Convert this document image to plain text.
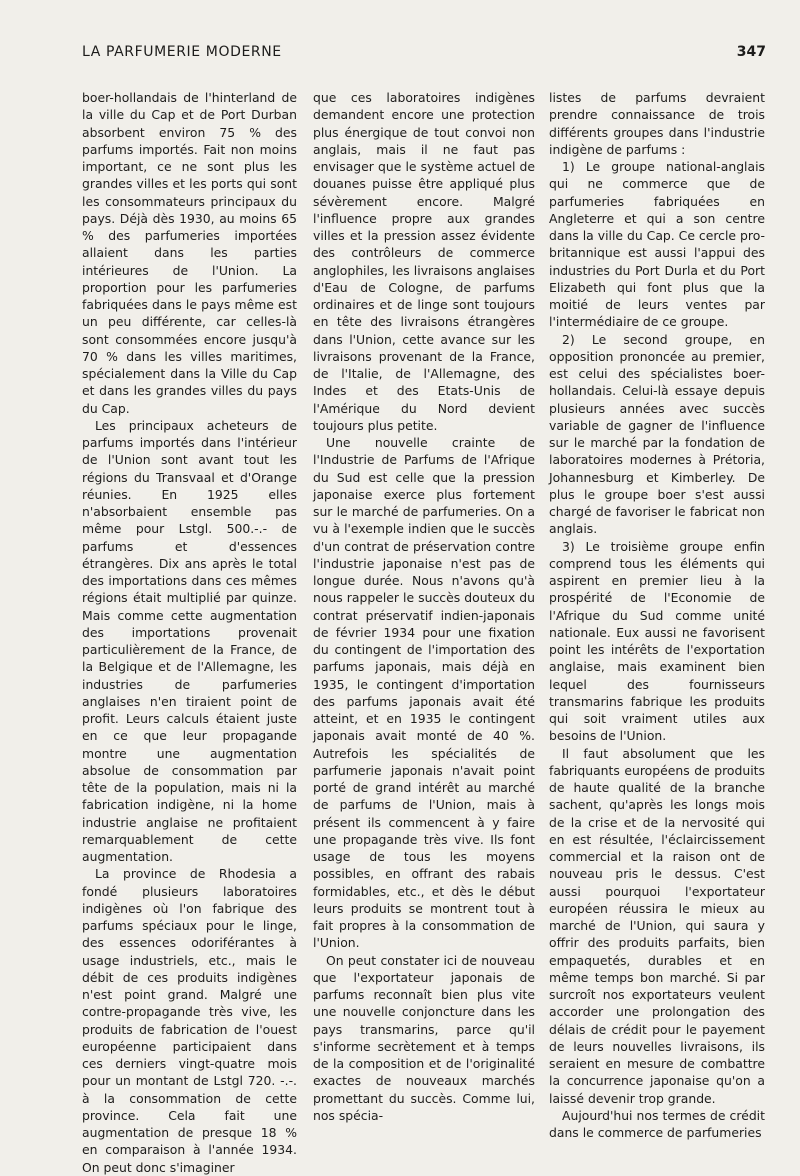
LA PARFUMERIE MODERNE	347

boer-hollandais de l'hinterland de la ville du Cap et de Port Durban absorbent environ 75 % des parfums importés. Fait non moins important, ce ne sont plus les grandes villes et les ports qui sont les consommateurs principaux du pays. Déjà dès 1930, au moins 65 % des parfumeries importées allaient dans les parties intérieures de l'Union. La proportion pour les parfumeries fabriquées dans le pays même est un peu différente, car celles-là sont consommées encore jusqu'à 70 % dans les villes maritimes, spécialement dans la Ville du Cap et dans les grandes villes du pays du Cap.

Les principaux acheteurs de parfums importés dans l'intérieur de l'Union sont avant tout les régions du Transvaal et d'Orange réunies. En 1925 elles n'absorbaient ensemble pas même pour Lstgl. 500.-.- de parfums et d'essences étrangères. Dix ans après le total des importations dans ces mêmes régions était multiplié par quinze. Mais comme cette augmentation des importations provenait particulièrement de la France, de la Belgique et de l'Allemagne, les industries de parfumeries anglaises n'en tiraient point de profit. Leurs calculs étaient juste en ce que leur propagande montre une augmentation absolue de consommation par tête de la population, mais ni la fabrication indigène, ni la home industrie anglaise ne profitaient remarquablement de cette augmentation.

La province de Rhodesia a fondé plusieurs laboratoires indigènes où l'on fabrique des parfums spéciaux pour le linge, des essences odoriférantes à usage industriels, etc., mais le débit de ces produits indigènes n'est point grand. Malgré une contre-propagande très vive, les produits de fabrication de l'ouest européenne participaient dans ces derniers vingt-quatre mois pour un montant de Lstgl 720. -.-. à la consommation de cette province. Cela fait une augmentation de presque 18 % en comparaison à l'année 1934. On peut donc s'imaginer

que ces laboratoires indigènes demandent encore une protection plus énergique de tout convoi non anglais, mais il ne faut pas envisager que le système actuel de douanes puisse être appliqué plus sévèrement encore. Malgré l'influence propre aux grandes villes et la pression assez évidente des contrôleurs de commerce anglophiles, les livraisons anglaises d'Eau de Cologne, de parfums ordinaires et de linge sont toujours en tête des livraisons étrangères dans l'Union, cette avance sur les livraisons provenant de la France, de l'Italie, de l'Allemagne, des Indes et des Etats-Unis de l'Amérique du Nord devient toujours plus petite.

Une nouvelle crainte de l'Industrie de Parfums de l'Afrique du Sud est celle que la pression japonaise exerce plus fortement sur le marché de parfumeries. On a vu à l'exemple indien que le succès d'un contrat de préservation contre l'industrie japonaise n'est pas de longue durée. Nous n'avons qu'à nous rappeler le succès douteux du contrat préservatif indien-japonais de février 1934 pour une fixation du contingent de l'importation des parfums japonais, mais déjà en 1935, le contingent d'importation des parfums japonais avait été atteint, et en 1935 le contingent japonais avait monté de 40 %. Autrefois les spécialités de parfumerie japonais n'avait point porté de grand intérêt au marché de parfums de l'Union, mais à présent ils commencent à y faire une propagande très vive. Ils font usage de tous les moyens possibles, en offrant des rabais formidables, etc., et dès le début leurs produits se montrent tout à fait propres à la consommation de l'Union.

On peut constater ici de nouveau que l'exportateur japonais de parfums reconnaît bien plus vite une nouvelle conjoncture dans les pays transmarins, parce qu'il s'informe secrètement et à temps de la composition et de l'originalité exactes de nouveaux marchés promettant du succès. Comme lui, nos spécia-

listes de parfums devraient prendre connaissance de trois différents groupes dans l'industrie indigène de parfums :

1) Le groupe national-anglais qui ne commerce que de parfumeries fabriquées en Angleterre et qui a son centre dans la ville du Cap. Ce cercle pro-britannique est aussi l'appui des industries du Port Durla et du Port Elizabeth qui font plus que la moitié de leurs ventes par l'intermédiaire de ce groupe.

2) Le second groupe, en opposition prononcée au premier, est celui des spécialistes boer-hollandais. Celui-là essaye depuis plusieurs années avec succès variable de gagner de l'influence sur le marché par la fondation de laboratoires modernes à Prétoria, Johannesburg et Kimberley. De plus le groupe boer s'est aussi chargé de favoriser le fabricat non anglais.

3) Le troisième groupe enfin comprend tous les éléments qui aspirent en premier lieu à la prospérité de l'Economie de l'Afrique du Sud comme unité nationale. Eux aussi ne favorisent point les intérêts de l'exportation anglaise, mais examinent bien lequel des fournisseurs transmarins fabrique les produits qui soit vraiment utiles aux besoins de l'Union.

Il faut absolument que les fabriquants européens de produits de haute qualité de la branche sachent, qu'après les longs mois de la crise et de la nervosité qui en est résultée, l'éclaircissement commercial et la raison ont de nouveau pris le dessus. C'est aussi pourquoi l'exportateur européen réussira le mieux au marché de l'Union, qui saura y offrir des produits parfaits, bien empaquetés, durables et en même temps bon marché. Si par surcroît nos exportateurs veulent accorder une prolongation des délais de crédit pour le payement de leurs nouvelles livraisons, ils seraient en mesure de combattre la concurrence japonaise qu'on a laissé devenir trop grande.

Aujourd'hui nos termes de crédit dans le commerce de parfumeries
